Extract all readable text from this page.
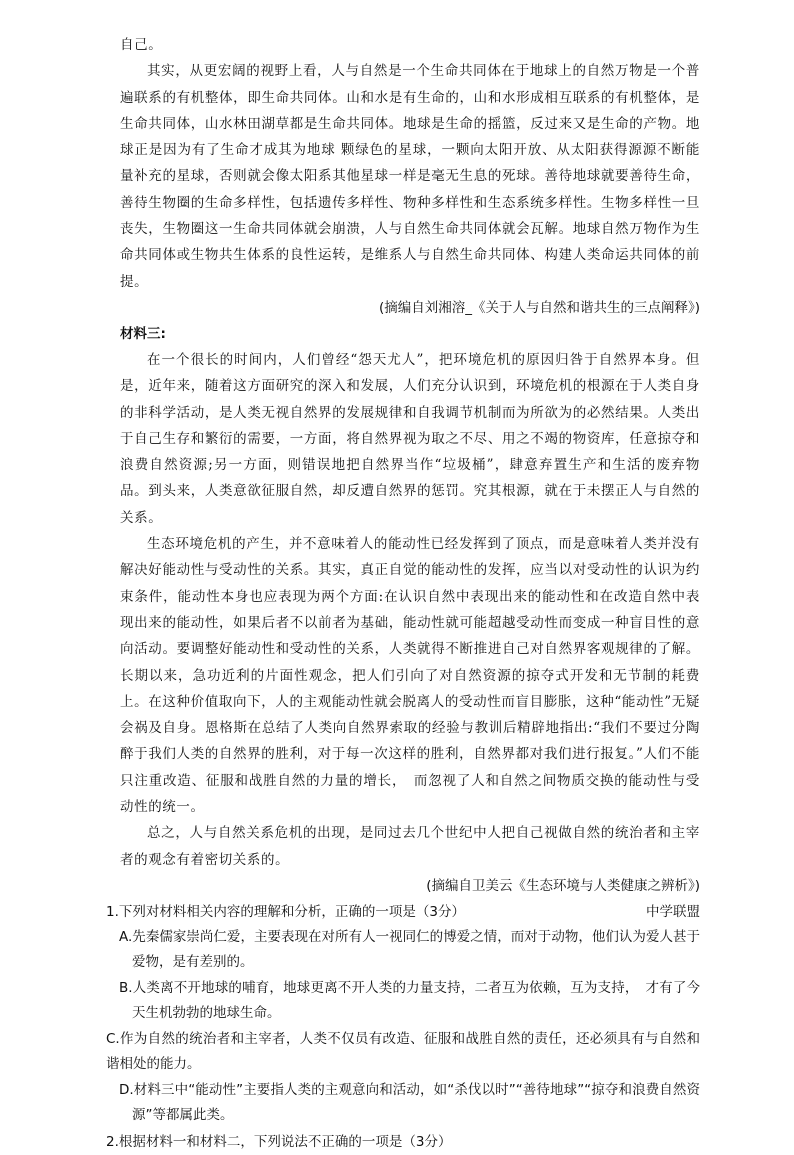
自己。

其实，从更宏阔的视野上看，人与自然是一个生命共同体在于地球上的自然万物是一个普遍联系的有机整体，即生命共同体。山和水是有生命的，山和水形成相互联系的有机整体，是生命共同体，山水林田湖草都是生命共同体。地球是生命的摇篮，反过来又是生命的产物。地球正是因为有了生命才成其为地球 颗绿色的星球，一颗向太阳开放、从太阳获得源源不断能量补充的星球，否则就会像太阳系其他星球一样是毫无生息的死球。善待地球就要善待生命，善待生物圈的生命多样性，包括遗传多样性、物种多样性和生态系统多样性。生物多样性一旦丧失，生物圈这一生命共同体就会崩溃，人与自然生命共同体就会瓦解。地球自然万物作为生命共同体或生物共生体系的良性运转，是维系人与自然生命共同体、构建人类命运共同体的前提。

(摘编自刘湘溶_《关于人与自然和谐共生的三点阐释》)

材料三:

在一个很长的时间内，人们曾经“怨天尤人”，把环境危机的原因归咎于自然界本身。但是，近年来，随着这方面研究的深入和发展，人们充分认识到，环境危机的根源在于人类自身的非科学活动，是人类无视自然界的发展规律和自我调节机制而为所欲为的必然结果。人类出于自己生存和繁衍的需要，一方面，将自然界视为取之不尽、用之不竭的物资库，任意掠夺和浪费自然资源;另一方面，则错误地把自然界当作“垃圾桶”，肆意弃置生产和生活的废弃物品。到头来，人类意欲征服自然，却反遭自然界的惩罚。究其根源，就在于未摆正人与自然的关系。

生态环境危机的产生，并不意味着人的能动性已经发挥到了顶点，而是意味着人类并没有解决好能动性与受动性的关系。其实，真正自觉的能动性的发挥，应当以对受动性的认识为约束条件，能动性本身也应表现为两个方面:在认识自然中表现出来的能动性和在改造自然中表现出来的能动性，如果后者不以前者为基础，能动性就可能超越受动性而变成一种盲目性的意向活动。要调整好能动性和受动性的关系，人类就得不断推进自己对自然界客观规律的了解。长期以来，急功近利的片面性观念，把人们引向了对自然资源的掠夺式开发和无节制的耗费上。在这种价值取向下，人的主观能动性就会脱离人的受动性而盲目膨胀，这种“能动性”无疑会祸及自身。恩格斯在总结了人类向自然界索取的经验与教训后精辟地指出:“我们不要过分陶醉于我们人类的自然界的胜利，对于每一次这样的胜利，自然界都对我们进行报复。”人们不能只注重改造、征服和战胜自然的力量的增长，　而忽视了人和自然之间物质交换的能动性与受动性的统一。

总之，人与自然关系危机的出现，是同过去几个世纪中人把自己视做自然的统治者和主宰者的观念有着密切关系的。

(摘编自卫美云《生态环境与人类健康之辨析》)

1.下列对材料相关内容的理解和分析，正确的一项是（3分）	中学联盟

A.先秦儒家崇尚仁爱，主要表现在对所有人一视同仁的博爱之情，而对于动物，他们认为爱人甚于爱物，是有差别的。

B.人类离不开地球的哺育，地球更离不开人类的力量支持，二者互为依赖，互为支持，　才有了今 天生机勃勃的地球生命。

C.作为自然的统治者和主宰者，人类不仅员有改造、征服和战胜自然的责任，还必须具有与自然和谐相处的能力。

D.材料三中“能动性”主要指人类的主观意向和活动，如“杀伐以时”“善待地球”“掠夺和浪费自然资源”等都属此类。

2.根据材料一和材料二，下列说法不正确的一项是（3分）
